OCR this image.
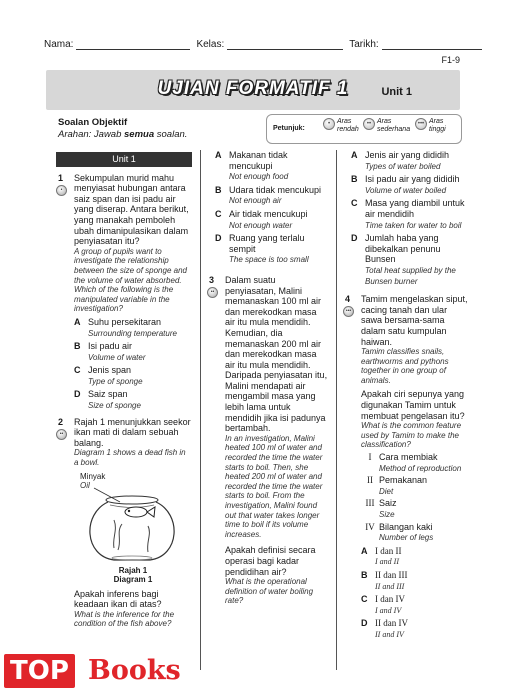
Nama:	Kelas:	Tarikh:
F1-9
UJIAN FORMATIF 1	Unit 1
Soalan Objektif
Arahan: Jawab semua soalan.
Petunjuk:
• Aras
rendah
•• Aras
sederhana
••• Aras
tinggi
Unit 1
1
•
Sekumpulan murid mahu menyiasat hubungan antara saiz span dan isi padu air yang diserap. Antara berikut, yang manakah pemboleh ubah dimanipulasikan dalam penyiasatan itu?
A group of pupils want to investigate the relationship between the size of sponge and the volume of water absorbed. Which of the following is the manipulated variable in the investigation?
A Suhu persekitaran
Surrounding temperature
B Isi padu air
Volume of water
C Jenis span
Type of sponge
D Saiz span
Size of sponge
2
••
Rajah 1 menunjukkan seekor ikan mati di dalam sebuah balang.
Diagram 1 shows a dead fish in a bowl.
Minyak
Oil
Rajah 1
Diagram 1
Apakah inferens bagi keadaan ikan di atas?
What is the inference for the condition of the fish above?
A Makanan tidak mencukupi
Not enough food
B Udara tidak mencukupi
Not enough air
C Air tidak mencukupi
Not enough water
D Ruang yang terlalu sempit
The space is too small
3
••
Dalam suatu penyiasatan, Malini memanaskan 100 ml air dan merekodkan masa air itu mula mendidih. Kemudian, dia memanaskan 200 ml air dan merekodkan masa air itu mula mendidih. Daripada penyiasatan itu, Malini mendapati air mengambil masa yang lebih lama untuk mendidih jika isi padunya bertambah.
In an investigation, Malini heated 100 ml of water and recorded the time the water starts to boil. Then, she heated 200 ml of water and recorded the time the water starts to boil. From the investigation, Malini found out that water takes longer time to boil if its volume increases.
Apakah definisi secara operasi bagi kadar pendidihan air?
What is the operational definition of water boiling rate?
A Jenis air yang dididih
Types of water boiled
B Isi padu air yang dididih
Volume of water boiled
C Masa yang diambil untuk air mendidih
Time taken for water to boil
D Jumlah haba yang dibekalkan penunu Bunsen
Total heat supplied by the Bunsen burner
4
•••
Tamim mengelaskan siput, cacing tanah dan ular sawa bersama-sama dalam satu kumpulan haiwan.
Tamim classifies snails, earthworms and pythons together in one group of animals.
Apakah ciri sepunya yang digunakan Tamim untuk membuat pengelasan itu?
What is the common feature used by Tamim to make the classification?
I Cara membiak
Method of reproduction
II Pemakanan
Diet
III Saiz
Size
IV Bilangan kaki
Number of legs
A I dan II
I and II
B II dan III
II and III
C I dan IV
I and IV
D II dan IV
II and IV
TOP Books
